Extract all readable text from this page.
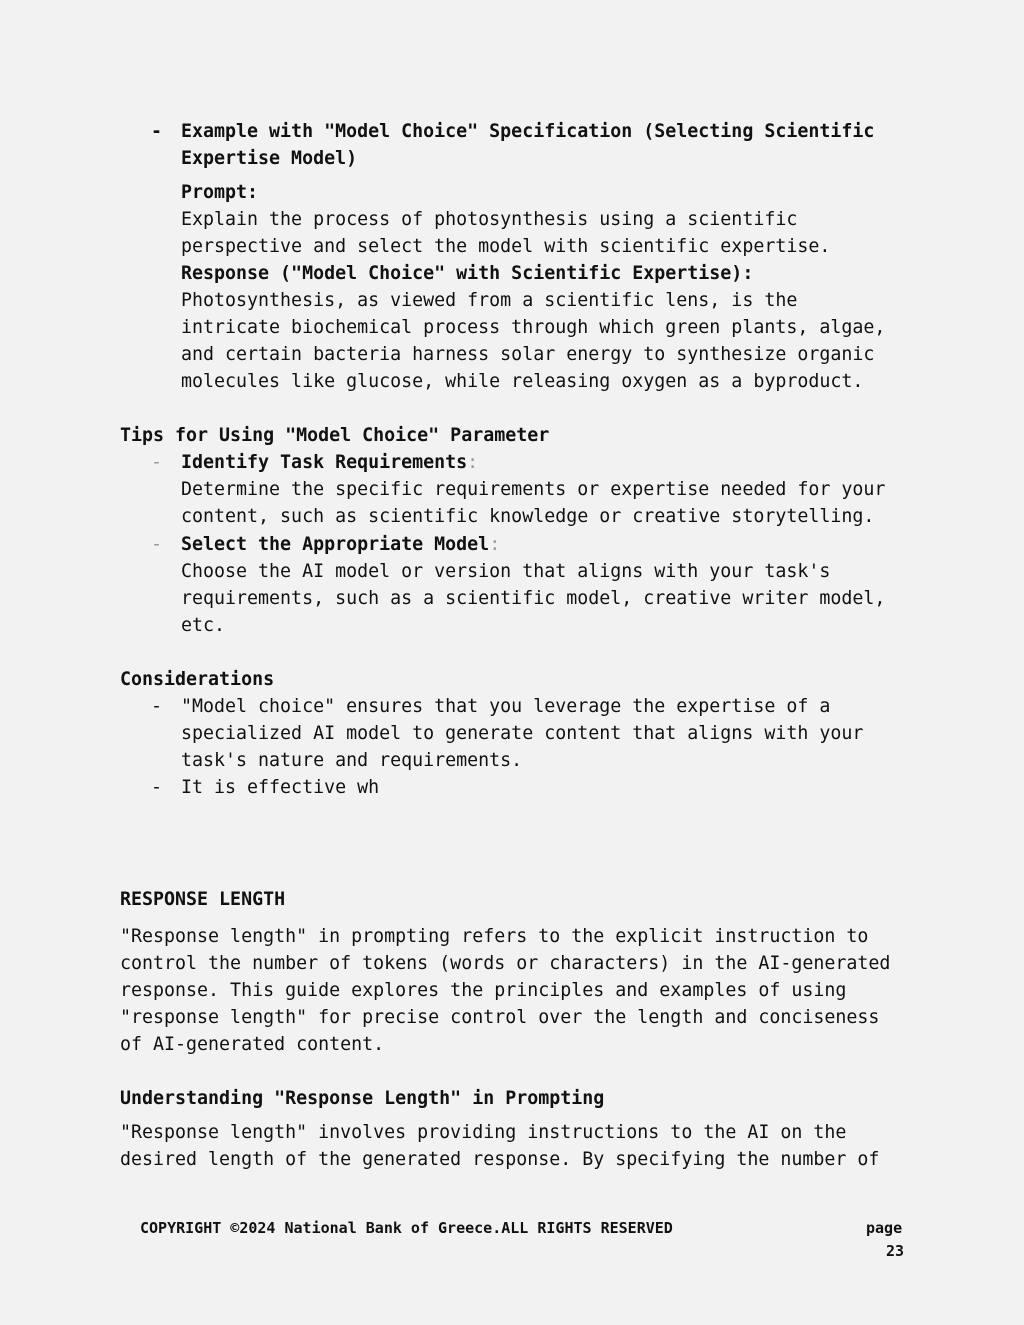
- Example with "Model Choice" Specification (Selecting Scientific
Expertise Model)
Prompt:
Explain the process of photosynthesis using a scientific
perspective and select the model with scientific expertise.
Response ("Model Choice" with Scientific Expertise):
Photosynthesis, as viewed from a scientific lens, is the
intricate biochemical process through which green plants, algae,
and certain bacteria harness solar energy to synthesize organic
molecules like glucose, while releasing oxygen as a byproduct.
Tips for Using "Model Choice" Parameter
- Identify Task Requirements:
Determine the specific requirements or expertise needed for your
content, such as scientific knowledge or creative storytelling.
- Select the Appropriate Model:
Choose the AI model or version that aligns with your task's
requirements, such as a scientific model, creative writer model,
etc.
Considerations
- "Model choice" ensures that you leverage the expertise of a
specialized AI model to generate content that aligns with your
task's nature and requirements.
- It is effective wh
RESPONSE LENGTH
"Response length" in prompting refers to the explicit instruction to
control the number of tokens (words or characters) in the AI-generated
response. This guide explores the principles and examples of using
"response length" for precise control over the length and conciseness
of AI-generated content.
Understanding "Response Length" in Prompting
"Response length" involves providing instructions to the AI on the
desired length of the generated response. By specifying the number of
COPYRIGHT ©2024 National Bank of Greece.ALL RIGHTS RESERVED	page
23
